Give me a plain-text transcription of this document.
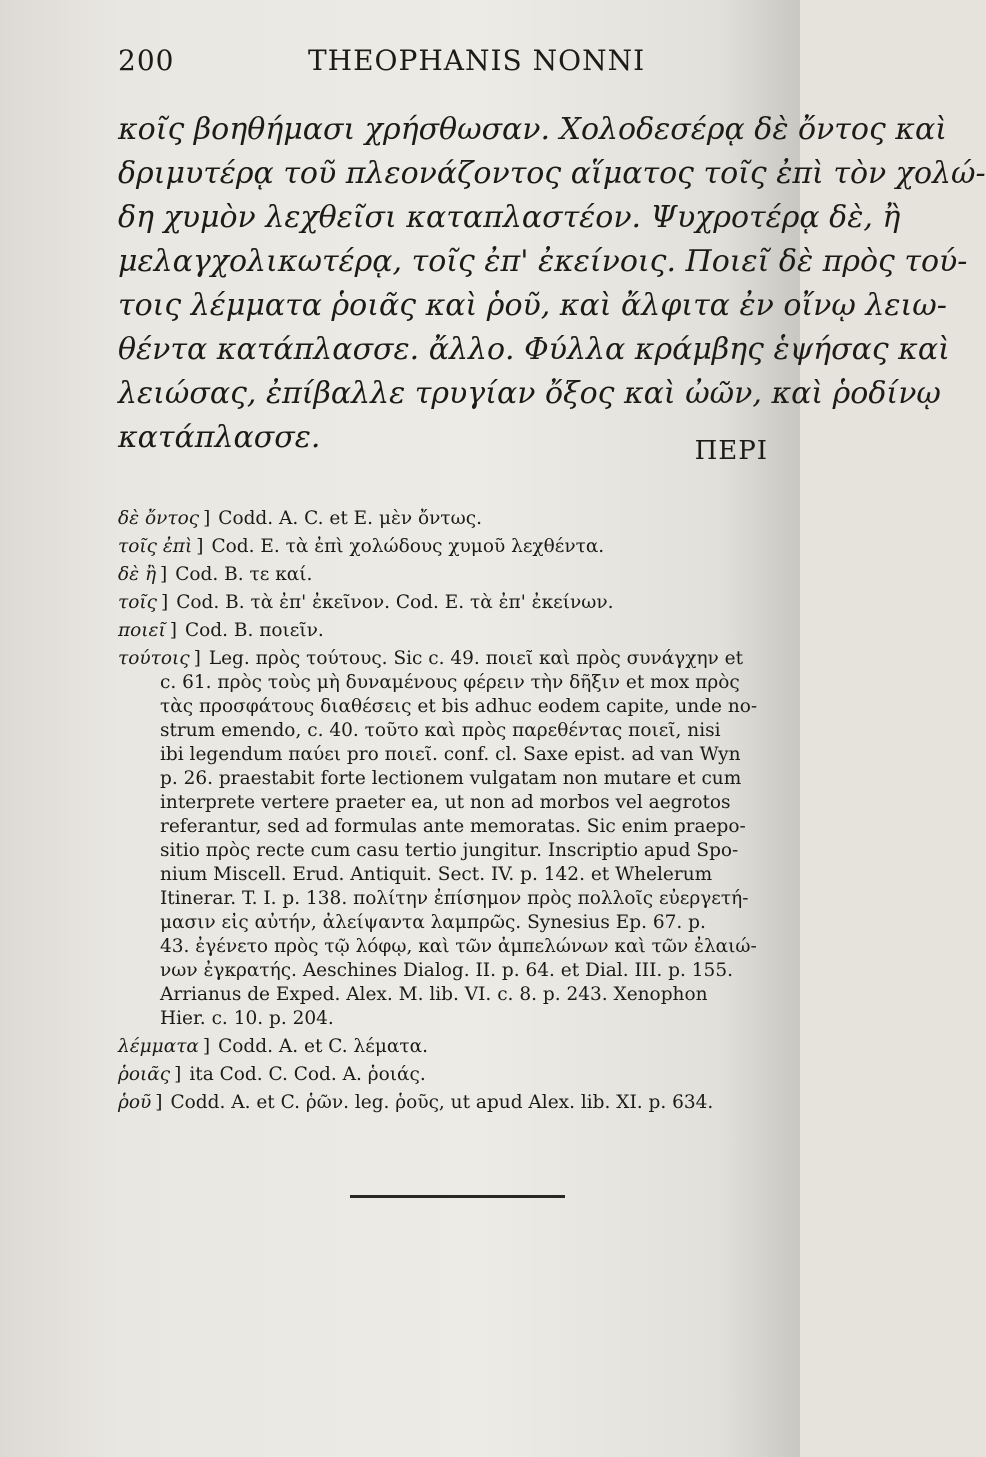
200	THEOPHANIS NONNI
κοῖς βοηθήμασι χρήσθωσαν. Χολοδεσέρᾳ δὲ ὄντος καὶ
δριμυτέρᾳ τοῦ πλεονάζοντος αἵματος τοῖς ἐπὶ τὸν χολώ-
δη χυμὸν λεχθεῖσι καταπλαστέον. Ψυχροτέρᾳ δὲ, ἢ
μελαγχολικωτέρᾳ, τοῖς ἐπ' ἐκείνοις. Ποιεῖ δὲ πρὸς τού-
τοις λέμματα ῥοιᾶς καὶ ῥοῦ, καὶ ἄλφιτα ἐν οἴνῳ λειω-
θέντα κατάπλασσε. ἄλλο. Φύλλα κράμβης ἑψήσας καὶ
λειώσας, ἐπίβαλλε τρυγίαν ὄξος καὶ ὠῶν, καὶ ῥοδίνῳ
κατάπλασσε.	ΠΕΡΙ
δὲ ὄντος ] Codd. A. C. et E. μὲν ὄντως.
τοῖς ἐπὶ ] Cod. E. τὰ ἐπὶ χολώδους χυμοῦ λεχθέντα.
δὲ ἢ ] Cod. B. τε καί.
τοῖς ] Cod. B. τὰ ἐπ' ἐκεῖνον. Cod. E. τὰ ἐπ' ἐκείνων.
ποιεῖ ] Cod. B. ποιεῖν.
τούτοις ] Leg. πρὸς τούτους. Sic c. 49. ποιεῖ καὶ πρὸς συνάγχην et
c. 61. πρὸς τοὺς μὴ δυναμένους φέρειν τὴν δῆξιν et mox πρὸς
τὰς προσφάτους διαθέσεις et bis adhuc eodem capite, unde no-
strum emendo, c. 40. τοῦτο καὶ πρὸς παρεθέντας ποιεῖ, nisi
ibi legendum παύει pro ποιεῖ. conf. cl. Saxe epist. ad van Wyn
p. 26. praestabit forte lectionem vulgatam non mutare et cum
interprete vertere praeter ea, ut non ad morbos vel aegrotos
referantur, sed ad formulas ante memoratas. Sic enim praepo-
sitio πρὸς recte cum casu tertio jungitur. Inscriptio apud Spo-
nium Miscell. Erud. Antiquit. Sect. IV. p. 142. et Whelerum
Itinerar. T. I. p. 138. πολίτην ἐπίσημον πρὸς πολλοῖς εὐεργετή-
μασιν εἰς αὐτήν, ἀλείψαντα λαμπρῶς. Synesius Ep. 67. p.
43. ἐγένετο πρὸς τῷ λόφῳ, καὶ τῶν ἀμπελώνων καὶ τῶν ἐλαιώ-
νων ἐγκρατής. Aeschines Dialog. II. p. 64. et Dial. III. p. 155.
Arrianus de Exped. Alex. M. lib. VI. c. 8. p. 243. Xenophon
Hier. c. 10. p. 204.
λέμματα ] Codd. A. et C. λέματα.
ῥοιᾶς ] ita Cod. C. Cod. A. ῥοιάς.
ῥοῦ ] Codd. A. et C. ῥῶν. leg. ῥοῦς, ut apud Alex. lib. XI. p. 634.
